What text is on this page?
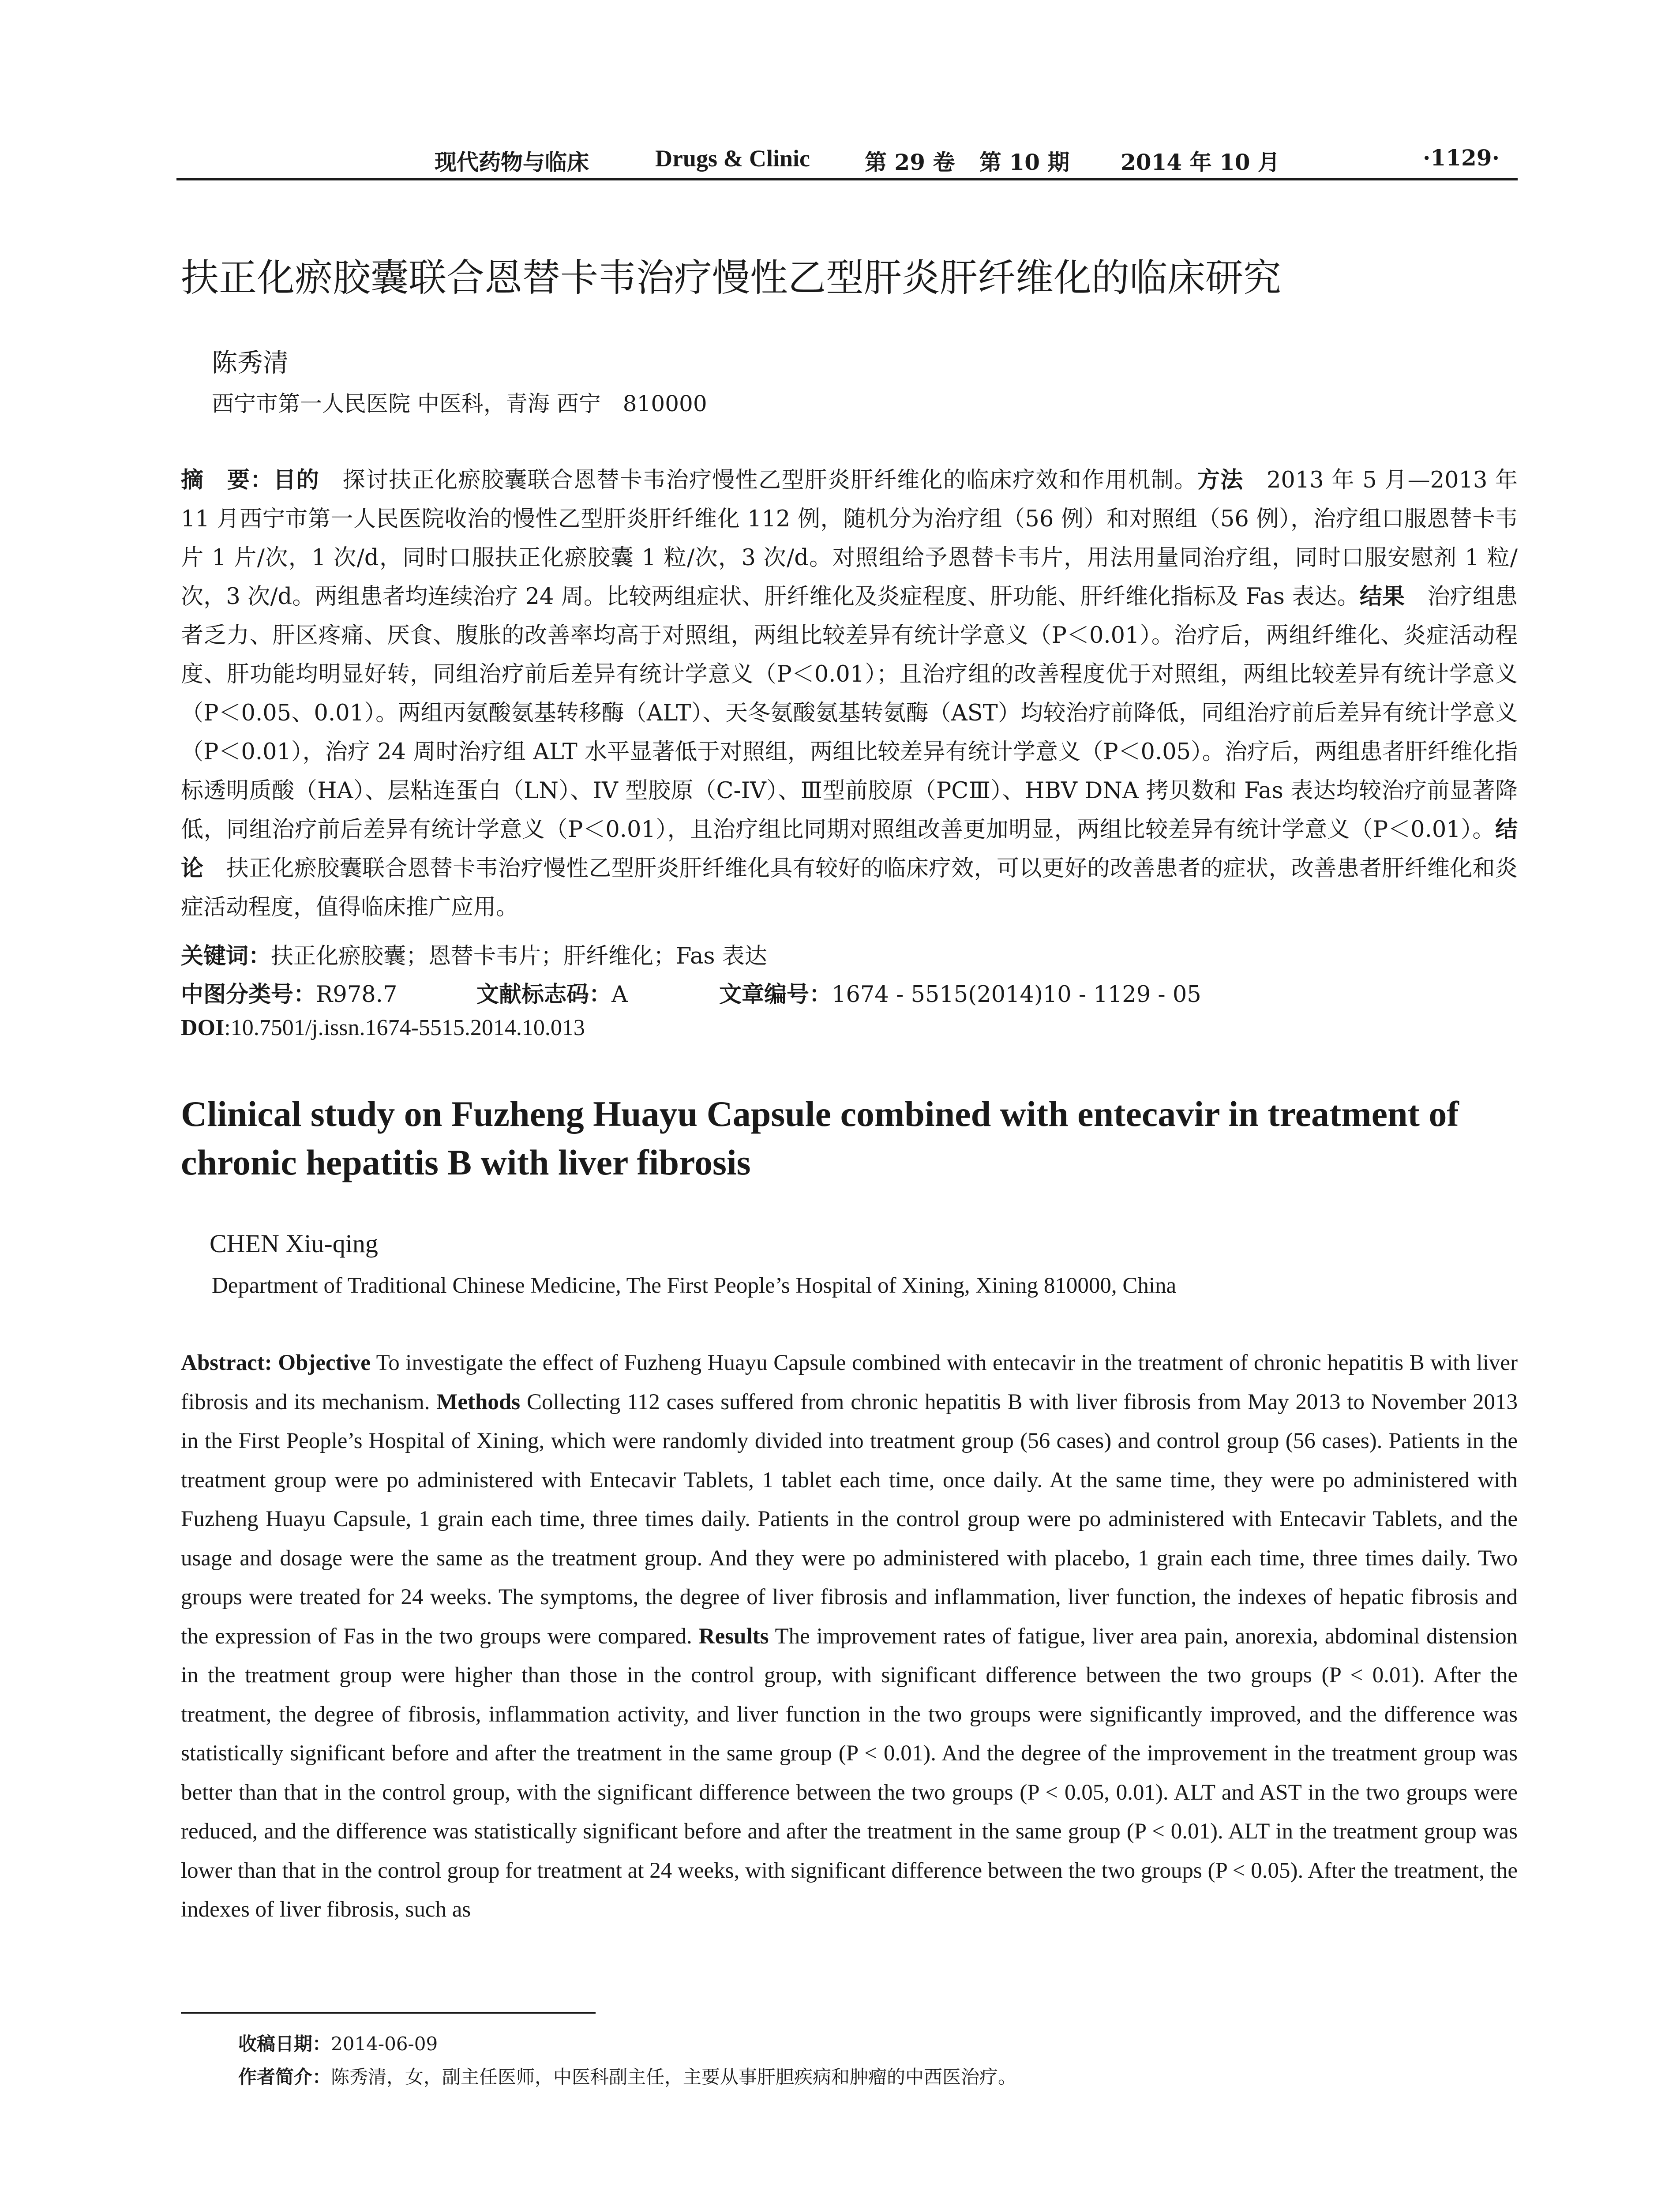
现代药物与临床	Drugs & Clinic 第 29 卷 第 10 期 2014 年 10 月	·1129·
扶正化瘀胶囊联合恩替卡韦治疗慢性乙型肝炎肝纤维化的临床研究
陈秀清
西宁市第一人民医院 中医科，青海 西宁　810000
摘　要：目的　探讨扶正化瘀胶囊联合恩替卡韦治疗慢性乙型肝炎肝纤维化的临床疗效和作用机制。方法　2013 年 5 月—2013 年 11 月西宁市第一人民医院收治的慢性乙型肝炎肝纤维化 112 例，随机分为治疗组（56 例）和对照组（56 例），治疗组口服恩替卡韦片 1 片/次，1 次/d，同时口服扶正化瘀胶囊 1 粒/次，3 次/d。对照组给予恩替卡韦片，用法用量同治疗组，同时口服安慰剂 1 粒/次，3 次/d。两组患者均连续治疗 24 周。比较两组症状、肝纤维化及炎症程度、肝功能、肝纤维化指标及 Fas 表达。结果　治疗组患者乏力、肝区疼痛、厌食、腹胀的改善率均高于对照组，两组比较差异有统计学意义（P＜0.01）。治疗后，两组纤维化、炎症活动程度、肝功能均明显好转，同组治疗前后差异有统计学意义（P＜0.01）；且治疗组的改善程度优于对照组，两组比较差异有统计学意义（P＜0.05、0.01）。两组丙氨酸氨基转移酶（ALT）、天冬氨酸氨基转氨酶（AST）均较治疗前降低，同组治疗前后差异有统计学意义（P＜0.01），治疗 24 周时治疗组 ALT 水平显著低于对照组，两组比较差异有统计学意义（P＜0.05）。治疗后，两组患者肝纤维化指标透明质酸（HA）、层粘连蛋白（LN）、IV 型胶原（C-IV）、Ⅲ型前胶原（PCⅢ）、HBV DNA 拷贝数和 Fas 表达均较治疗前显著降低，同组治疗前后差异有统计学意义（P＜0.01），且治疗组比同期对照组改善更加明显，两组比较差异有统计学意义（P＜0.01）。结论　扶正化瘀胶囊联合恩替卡韦治疗慢性乙型肝炎肝纤维化具有较好的临床疗效，可以更好的改善患者的症状，改善患者肝纤维化和炎症活动程度，值得临床推广应用。
关键词：扶正化瘀胶囊；恩替卡韦片；肝纤维化；Fas 表达
中图分类号：R978.7	文献标志码：A	文章编号：1674 - 5515(2014)10 - 1129 - 05
DOI:10.7501/j.issn.1674-5515.2014.10.013
Clinical study on Fuzheng Huayu Capsule combined with entecavir in treatment of chronic hepatitis B with liver fibrosis
CHEN Xiu-qing
Department of Traditional Chinese Medicine, The First People’s Hospital of Xining, Xining 810000, China
Abstract: Objective To investigate the effect of Fuzheng Huayu Capsule combined with entecavir in the treatment of chronic hepatitis B with liver fibrosis and its mechanism. Methods Collecting 112 cases suffered from chronic hepatitis B with liver fibrosis from May 2013 to November 2013 in the First People’s Hospital of Xining, which were randomly divided into treatment group (56 cases) and control group (56 cases). Patients in the treatment group were po administered with Entecavir Tablets, 1 tablet each time, once daily. At the same time, they were po administered with Fuzheng Huayu Capsule, 1 grain each time, three times daily. Patients in the control group were po administered with Entecavir Tablets, and the usage and dosage were the same as the treatment group. And they were po administered with placebo, 1 grain each time, three times daily. Two groups were treated for 24 weeks. The symptoms, the degree of liver fibrosis and inflammation, liver function, the indexes of hepatic fibrosis and the expression of Fas in the two groups were compared. Results The improvement rates of fatigue, liver area pain, anorexia, abdominal distension in the treatment group were higher than those in the control group, with significant difference between the two groups (P < 0.01). After the treatment, the degree of fibrosis, inflammation activity, and liver function in the two groups were significantly improved, and the difference was statistically significant before and after the treatment in the same group (P < 0.01). And the degree of the improvement in the treatment group was better than that in the control group, with the significant difference between the two groups (P < 0.05, 0.01). ALT and AST in the two groups were reduced, and the difference was statistically significant before and after the treatment in the same group (P < 0.01). ALT in the treatment group was lower than that in the control group for treatment at 24 weeks, with significant difference between the two groups (P < 0.05). After the treatment, the indexes of liver fibrosis, such as
收稿日期：2014-06-09
作者简介：陈秀清，女，副主任医师，中医科副主任，主要从事肝胆疾病和肿瘤的中西医治疗。
